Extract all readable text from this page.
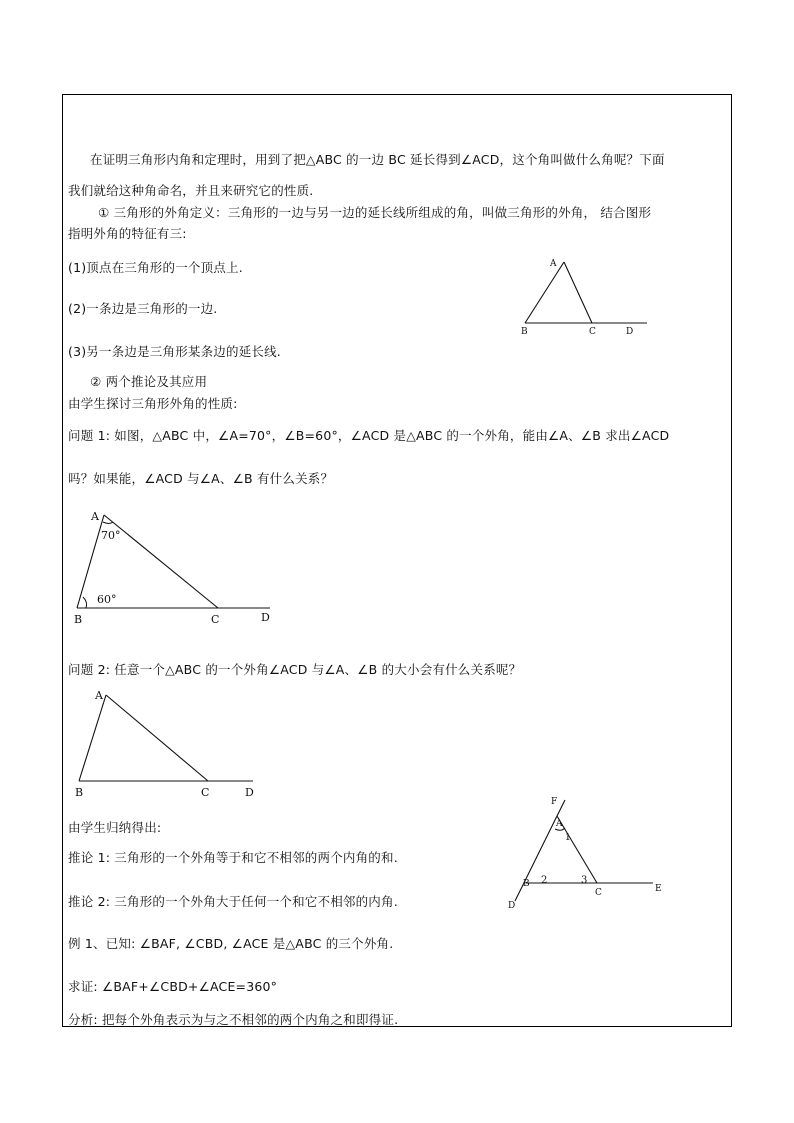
在证明三角形内角和定理时，用到了把△ABC 的一边 BC 延长得到∠ACD，这个角叫做什么角呢？下面
我们就给这种角命名，并且来研究它的性质.
① 三角形的外角定义：三角形的一边与另一边的延长线所组成的角，叫做三角形的外角， 结合图形
指明外角的特征有三:
(1)顶点在三角形的一个顶点上.
(2)一条边是三角形的一边.
(3)另一条边是三角形某条边的延长线.
A
B	C	D
② 两个推论及其应用
由学生探讨三角形外角的性质:
问题 1: 如图，△ABC 中，∠A=70°，∠B=60°，∠ACD 是△ABC 的一个外角，能由∠A、∠B 求出∠ACD
吗？如果能，∠ACD 与∠A、∠B 有什么关系？
A
70°
60°
B	C	D
问题 2: 任意一个△ABC 的一个外角∠ACD 与∠A、∠B 的大小会有什么关系呢？
A
B	C	D
由学生归纳得出:
推论 1: 三角形的一个外角等于和它不相邻的两个内角的和.
推论 2: 三角形的一个外角大于任何一个和它不相邻的内角.
例 1、已知: ∠BAF, ∠CBD, ∠ACE 是△ABC 的三个外角.
求证: ∠BAF+∠CBD+∠ACE=360°
分析: 把每个外角表示为与之不相邻的两个内角之和即得证.
F
A
1
B 2	3
C	E
D
